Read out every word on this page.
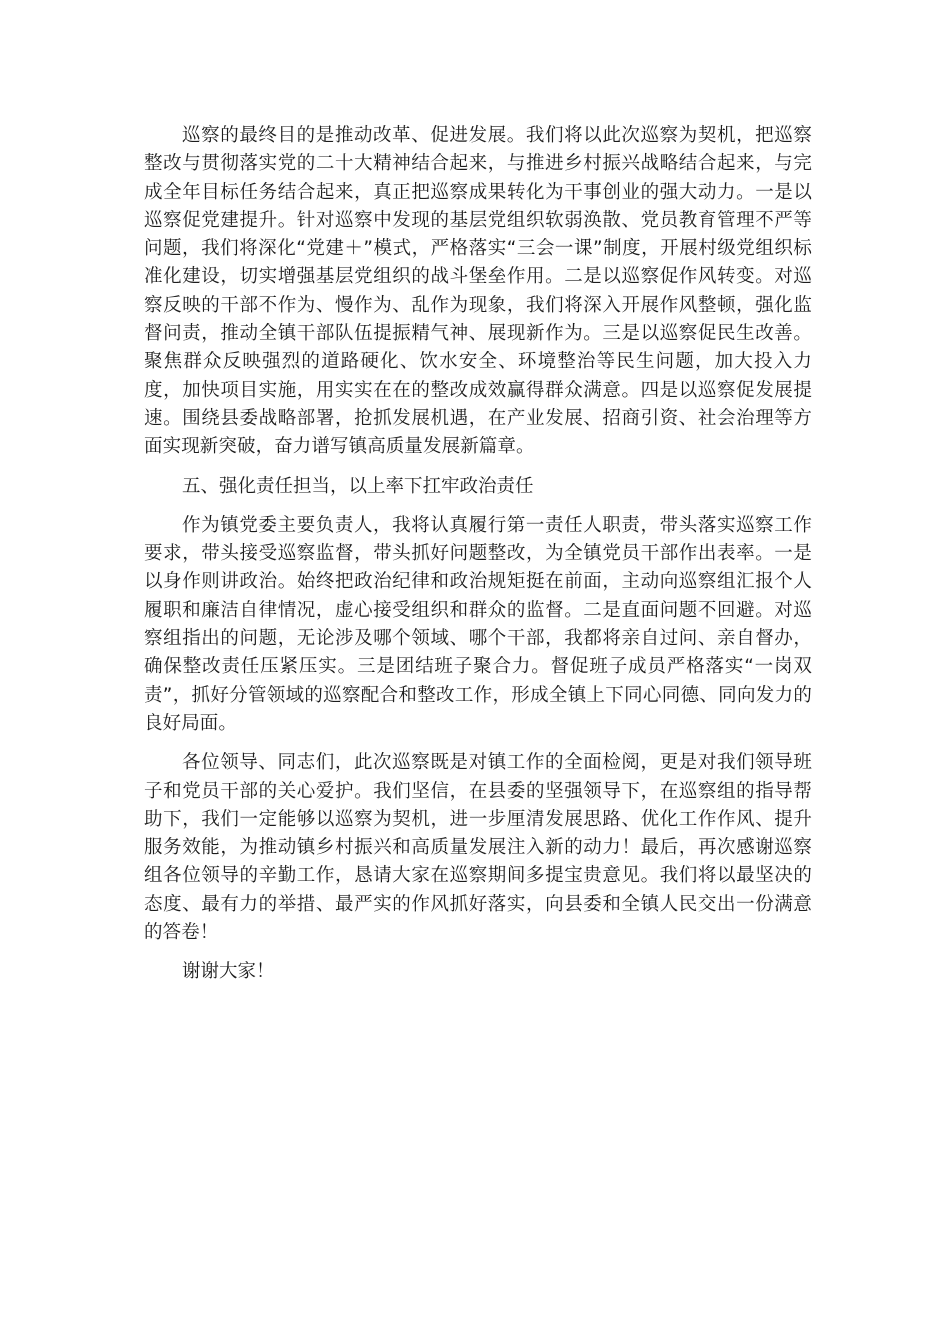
巡察的最终目的是推动改革、促进发展。我们将以此次巡察为契机，把巡察整改与贯彻落实党的二十大精神结合起来，与推进乡村振兴战略结合起来，与完成全年目标任务结合起来，真正把巡察成果转化为干事创业的强大动力。一是以巡察促党建提升。针对巡察中发现的基层党组织软弱涣散、党员教育管理不严等问题，我们将深化“党建＋”模式，严格落实“三会一课”制度，开展村级党组织标准化建设，切实增强基层党组织的战斗堡垒作用。二是以巡察促作风转变。对巡察反映的干部不作为、慢作为、乱作为现象，我们将深入开展作风整顿，强化监督问责，推动全镇干部队伍提振精气神、展现新作为。三是以巡察促民生改善。聚焦群众反映强烈的道路硬化、饮水安全、环境整治等民生问题，加大投入力度，加快项目实施，用实实在在的整改成效赢得群众满意。四是以巡察促发展提速。围绕县委战略部署，抢抓发展机遇，在产业发展、招商引资、社会治理等方面实现新突破，奋力谱写镇高质量发展新篇章。

五、强化责任担当，以上率下扛牢政治责任

作为镇党委主要负责人，我将认真履行第一责任人职责，带头落实巡察工作要求，带头接受巡察监督，带头抓好问题整改，为全镇党员干部作出表率。一是以身作则讲政治。始终把政治纪律和政治规矩挺在前面，主动向巡察组汇报个人履职和廉洁自律情况，虚心接受组织和群众的监督。二是直面问题不回避。对巡察组指出的问题，无论涉及哪个领域、哪个干部，我都将亲自过问、亲自督办，确保整改责任压紧压实。三是团结班子聚合力。督促班子成员严格落实“一岗双责”，抓好分管领域的巡察配合和整改工作，形成全镇上下同心同德、同向发力的良好局面。

各位领导、同志们，此次巡察既是对镇工作的全面检阅，更是对我们领导班子和党员干部的关心爱护。我们坚信，在县委的坚强领导下，在巡察组的指导帮助下，我们一定能够以巡察为契机，进一步厘清发展思路、优化工作作风、提升服务效能，为推动镇乡村振兴和高质量发展注入新的动力！最后，再次感谢巡察组各位领导的辛勤工作，恳请大家在巡察期间多提宝贵意见。我们将以最坚决的态度、最有力的举措、最严实的作风抓好落实，向县委和全镇人民交出一份满意的答卷！

谢谢大家！
